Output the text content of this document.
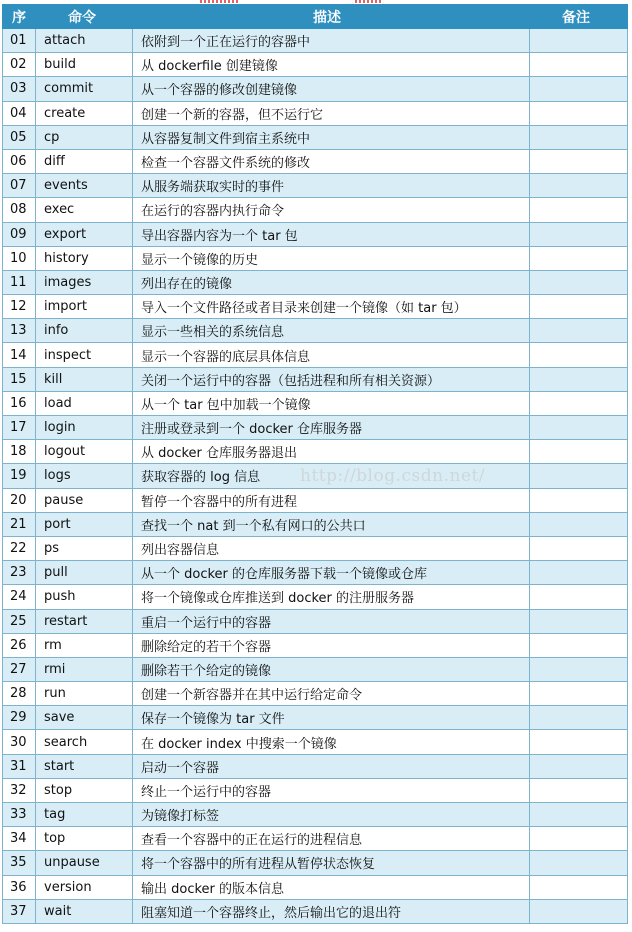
序	命令	描述	备注
01	attach	依附到一个正在运行的容器中	
02	build	从 dockerfile 创建镜像	
03	commit	从一个容器的修改创建镜像	
04	create	创建一个新的容器，但不运行它	
05	cp	从容器复制文件到宿主系统中	
06	diff	检查一个容器文件系统的修改	
07	events	从服务端获取实时的事件	
08	exec	在运行的容器内执行命令	
09	export	导出容器内容为一个 tar 包	
10	history	显示一个镜像的历史	
11	images	列出存在的镜像	
12	import	导入一个文件路径或者目录来创建一个镜像（如 tar 包）	
13	info	显示一些相关的系统信息	
14	inspect	显示一个容器的底层具体信息	
15	kill	关闭一个运行中的容器（包括进程和所有相关资源）	
16	load	从一个 tar 包中加载一个镜像	
17	login	注册或登录到一个 docker 仓库服务器	
18	logout	从 docker 仓库服务器退出	
19	logs	获取容器的 log 信息	
20	pause	暂停一个容器中的所有进程	
21	port	查找一个 nat 到一个私有网口的公共口	
22	ps	列出容器信息	
23	pull	从一个 docker 的仓库服务器下载一个镜像或仓库	
24	push	将一个镜像或仓库推送到 docker 的注册服务器	
25	restart	重启一个运行中的容器	
26	rm	删除给定的若干个容器	
27	rmi	删除若干个给定的镜像	
28	run	创建一个新容器并在其中运行给定命令	
29	save	保存一个镜像为 tar 文件	
30	search	在 docker index 中搜索一个镜像	
31	start	启动一个容器	
32	stop	终止一个运行中的容器	
33	tag	为镜像打标签	
34	top	查看一个容器中的正在运行的进程信息	
35	unpause	将一个容器中的所有进程从暂停状态恢复	
36	version	输出 docker 的版本信息	
37	wait	阻塞知道一个容器终止，然后输出它的退出符	
http://blog.csdn.net/
